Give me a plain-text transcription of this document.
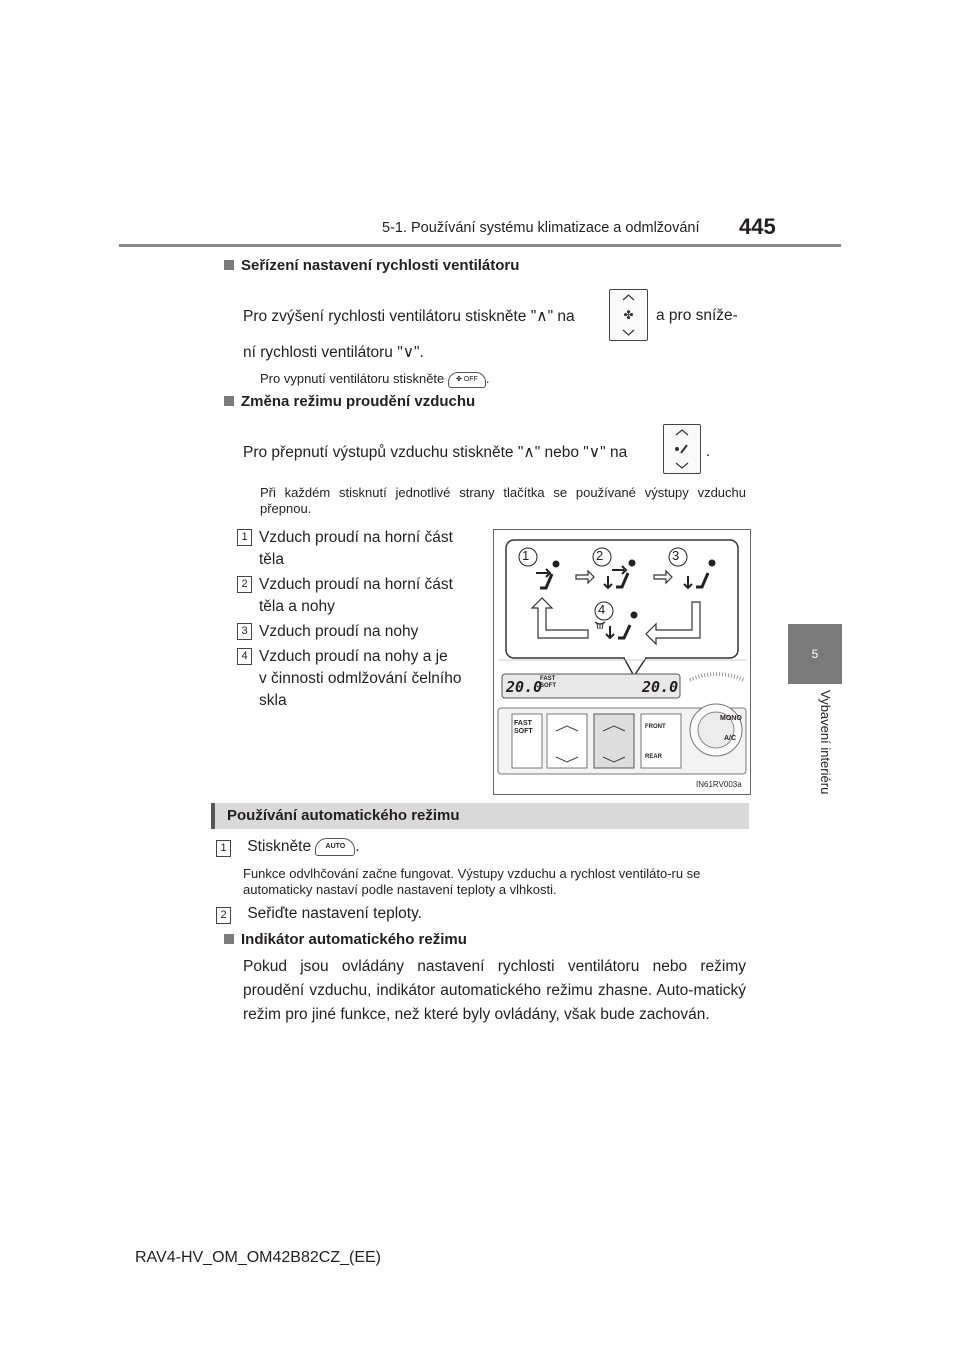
5-1. Používání systému klimatizace a odmlžování 445
5
Vybavení interiéru
Seřízení nastavení rychlosti ventilátoru
Pro zvýšení rychlosti ventilátoru stiskněte "∧" na	✤ a pro sníže-
ní rychlosti ventilátoru "∨".
Pro vypnutí ventilátoru stiskněte ✤ OFF .
Změna režimu proudění vzduchu
Pro přepnutí výstupů vzduchu stiskněte "∧" nebo "∨" na	.
Při každém stisknutí jednotlivé strany tlačítka se používané výstupy vzduchu přepnou.
1 Vzduch proudí na horní část
těla
2 Vzduch proudí na horní část
těla a nohy
3 Vzduch proudí na nohy
4 Vzduch proudí na nohy a je
v činnosti odmlžování čelního
skla
1	2	3
4
20.0
FAST
SOFT	20.0
FAST
SOFT
FRONT
REAR
MONO
A/C
IN61RV003a
Používání automatického režimu
1 Stiskněte AUTO .
Funkce odvlhčování začne fungovat. Výstupy vzduchu a rychlost ventiláto-ru se automaticky nastaví podle nastavení teploty a vlhkosti.
2 Seřiďte nastavení teploty.
Indikátor automatického režimu
Pokud jsou ovládány nastavení rychlosti ventilátoru nebo režimy proudění vzduchu, indikátor automatického režimu zhasne. Auto-matický režim pro jiné funkce, než které byly ovládány, však bude zachován.
RAV4-HV_OM_OM42B82CZ_(EE)
